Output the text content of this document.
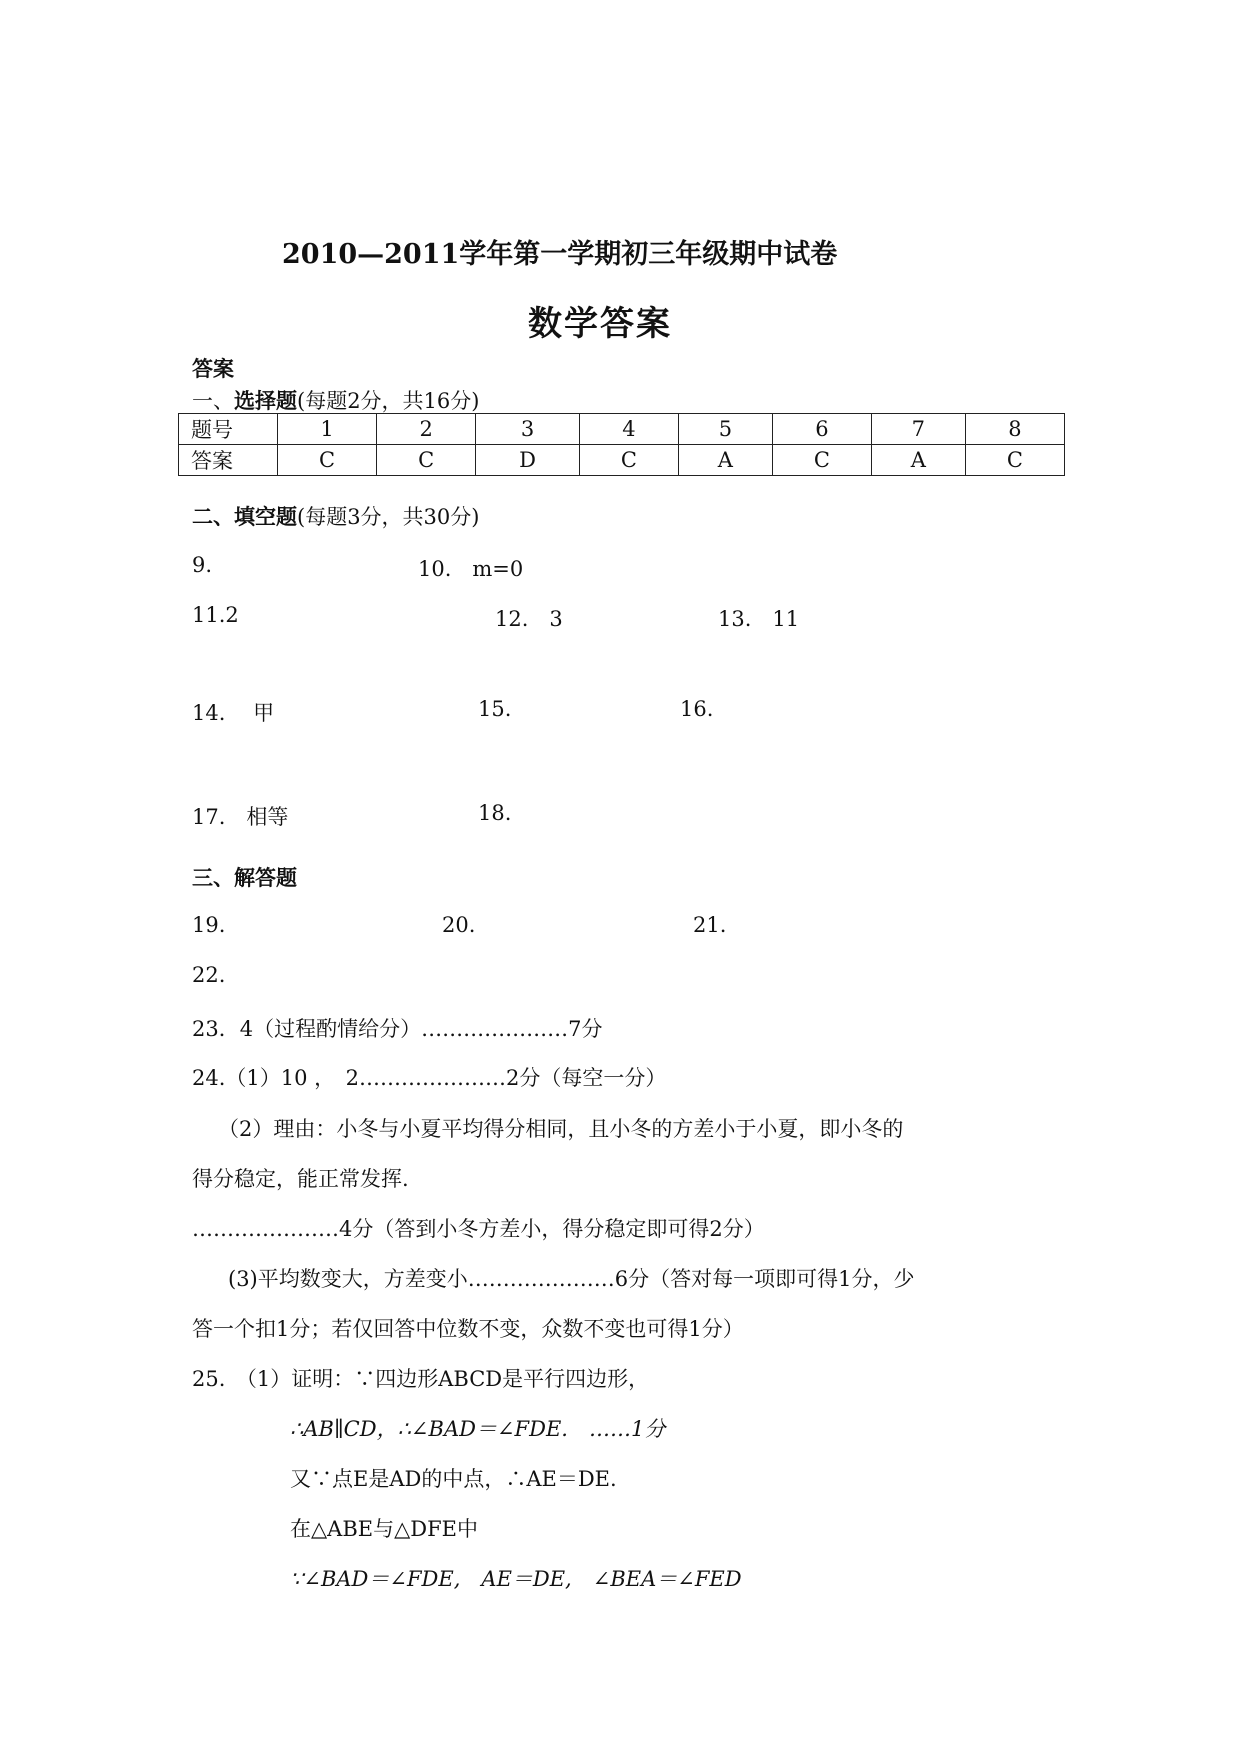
2010—2011学年第一学期初三年级期中试卷
数学答案
答案
一、选择题(每题2分，共16分)
题号	1	2	3	4	5	6	7	8
答案	C	C	D	C	A	C	A	C
二、填空题(每题3分，共30分)
9.	10.　m=0
11.2	12.　3	13.　11
14.　 甲	15.	16.
17.　相等	18.
三、解答题
19.	20.	21.
22.
23．4（过程酌情给分）…………………7分
24.（1）10 ，　2…………………2分（每空一分）
（2）理由：小冬与小夏平均得分相同，且小冬的方差小于小夏，即小冬的
得分稳定，能正常发挥.
…………………4分（答到小冬方差小，得分稳定即可得2分）
(3)平均数变大，方差变小…………………6分（答对每一项即可得1分，少
答一个扣1分；若仅回答中位数不变，众数不变也可得1分）
25.　（1）证明：∵四边形ABCD是平行四边形，
∴AB∥CD，∴∠BAD＝∠FDE.　……1分
又∵点E是AD的中点，∴AE＝DE.
在△ABE与△DFE中
∵∠BAD＝∠FDE,　AE＝DE,　∠BEA＝∠FED
